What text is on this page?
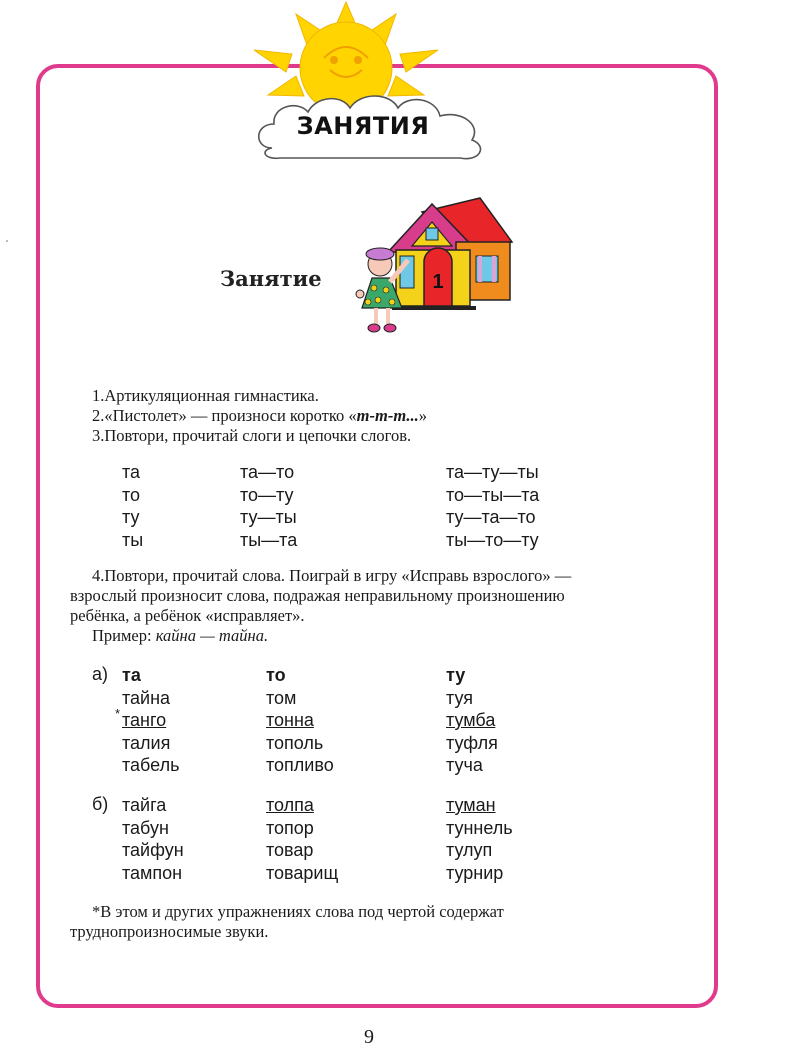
ЗАНЯТИЯ
Занятие	1
1.Артикуляционная гимнастика.
2.«Пистолет» — произноси коротко «т-т-т...»
3.Повтори, прочитай слоги и цепочки слогов.
та
то
ту
ты
та—то
то—ту
ту—ты
ты—та
та—ту—ты
то—ты—та
ту—та—то
ты—то—ту
4.Повтори, прочитай слова. Поиграй в игру «Исправь взрослого» —
взрослый произносит слова, подражая неправильному произношению
ребёнка, а ребёнок «исправляет».
Пример: кайна — тайна.
а)
*
та
тайна
танго
талия
табель
то
том
тонна
тополь
топливо
ту
туя
тумба
туфля
туча
б) тайга
табун
тайфун
тампон
толпа
топор
товар
товарищ
туман
туннель
тулуп
турнир
*В этом и других упражнениях слова под чертой содержат
труднопроизносимые звуки.
9
